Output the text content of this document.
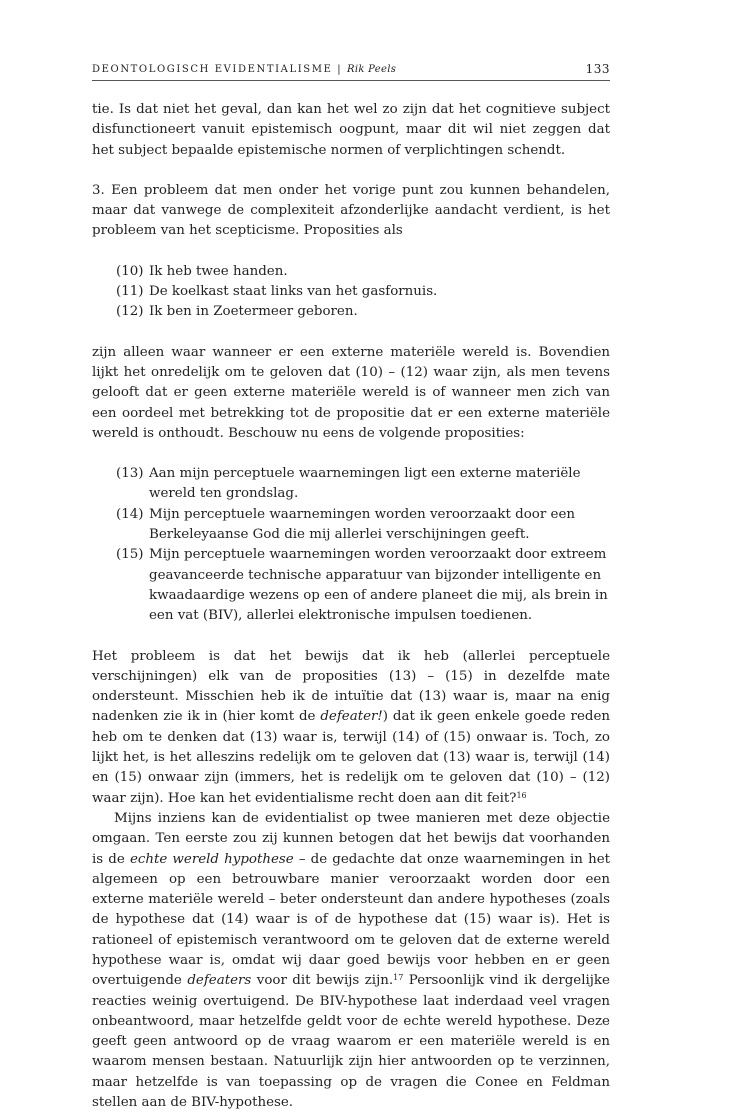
DEONTOLOGISCH EVIDENTIALISME | Rik Peels	133

tie. Is dat niet het geval, dan kan het wel zo zijn dat het cognitieve subject disfunctioneert vanuit epistemisch oogpunt, maar dit wil niet zeggen dat het subject bepaalde epistemische normen of verplichtingen schendt.

3. Een probleem dat men onder het vorige punt zou kunnen behandelen, maar dat vanwege de complexiteit afzonderlijke aandacht verdient, is het probleem van het scepticisme. Proposities als

(10) Ik heb twee handen.
(11) De koelkast staat links van het gasfornuis.
(12) Ik ben in Zoetermeer geboren.

zijn alleen waar wanneer er een externe materiële wereld is. Bovendien lijkt het onredelijk om te geloven dat (10) – (12) waar zijn, als men tevens gelooft dat er geen externe materiële wereld is of wanneer men zich van een oordeel met betrekking tot de propositie dat er een externe materiële wereld is onthoudt. Beschouw nu eens de volgende proposities:

(13) Aan mijn perceptuele waarnemingen ligt een externe materiële wereld ten grondslag.
(14) Mijn perceptuele waarnemingen worden veroorzaakt door een Berkeleyaanse God die mij allerlei verschijningen geeft.
(15) Mijn perceptuele waarnemingen worden veroorzaakt door extreem geavanceerde technische apparatuur van bijzonder intelligente en kwaadaardige wezens op een of andere planeet die mij, als brein in een vat (BIV), allerlei elektronische impulsen toedienen.

Het probleem is dat het bewijs dat ik heb (allerlei perceptuele verschijningen) elk van de proposities (13) – (15) in dezelfde mate ondersteunt. Misschien heb ik de intuïtie dat (13) waar is, maar na enig nadenken zie ik in (hier komt de defeater!) dat ik geen enkele goede reden heb om te denken dat (13) waar is, terwijl (14) of (15) onwaar is. Toch, zo lijkt het, is het alleszins redelijk om te geloven dat (13) waar is, terwijl (14) en (15) onwaar zijn (immers, het is redelijk om te geloven dat (10) – (12) waar zijn). Hoe kan het evidentialisme recht doen aan dit feit?$^{16}$

Mijns inziens kan de evidentialist op twee manieren met deze objectie omgaan. Ten eerste zou zij kunnen betogen dat het bewijs dat voorhanden is de echte wereld hypothese – de gedachte dat onze waarnemingen in het algemeen op een betrouwbare manier veroorzaakt worden door een externe materiële wereld – beter ondersteunt dan andere hypotheses (zoals de hypothese dat (14) waar is of de hypothese dat (15) waar is). Het is rationeel of epistemisch verantwoord om te geloven dat de externe wereld hypothese waar is, omdat wij daar goed bewijs voor hebben en er geen overtuigende defeaters voor dit bewijs zijn.$^{17}$ Persoonlijk vind ik dergelijke reacties weinig overtuigend. De BIV-hypothese laat inderdaad veel vragen onbeantwoord, maar hetzelfde geldt voor de echte wereld hypothese. Deze geeft geen antwoord op de vraag waarom er een materiële wereld is en waarom mensen bestaan. Natuurlijk zijn hier antwoorden op te verzinnen, maar hetzelfde is van toepassing op de vragen die Conee en Feldman stellen aan de BIV-hypothese.
